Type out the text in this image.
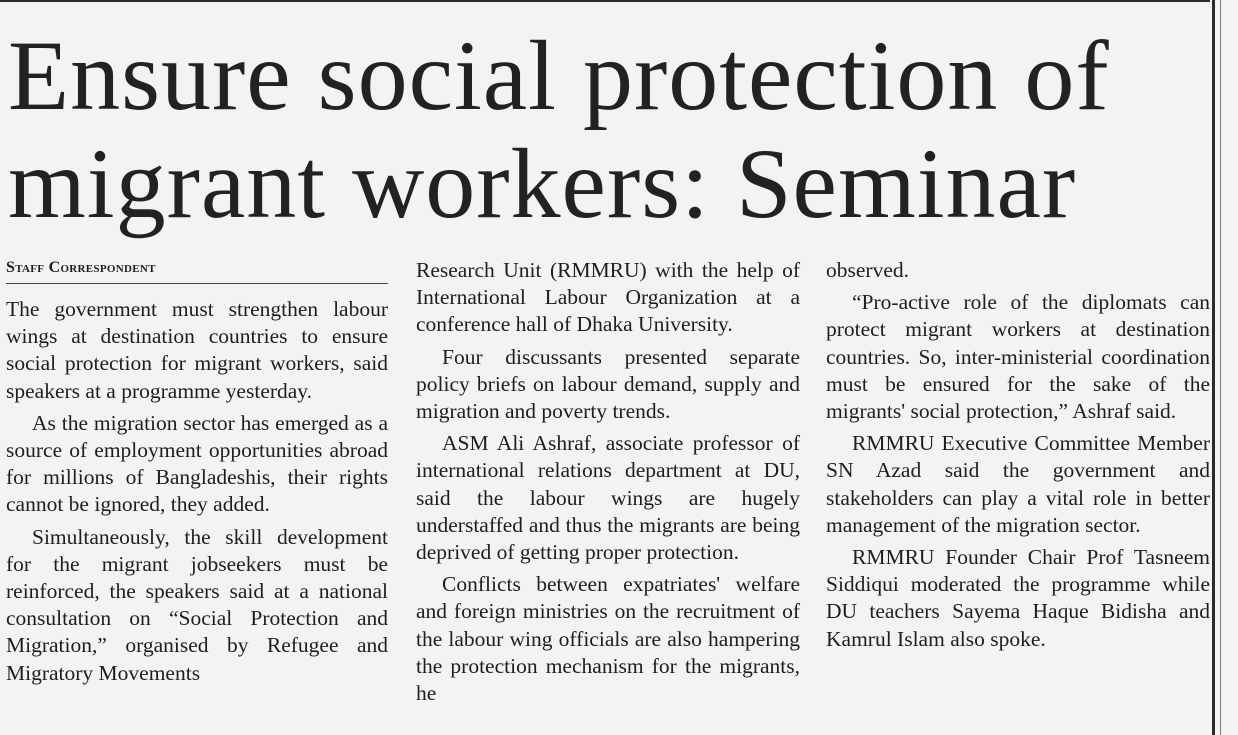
Ensure social protection of
migrant workers: Seminar

Staff Correspondent

The government must strengthen labour wings at destination countries to ensure social protection for migrant workers, said speakers at a programme yesterday.

As the migration sector has emerged as a source of employment opportunities abroad for millions of Bangladeshis, their rights cannot be ignored, they added.

Simultaneously, the skill development for the migrant jobseekers must be reinforced, the speakers said at a national consultation on “Social Protection and Migration,” organised by Refugee and Migratory Movements

Research Unit (RMMRU) with the help of International Labour Organization at a conference hall of Dhaka University.

Four discussants presented separate policy briefs on labour demand, supply and migration and poverty trends.

ASM Ali Ashraf, associate professor of international relations department at DU, said the labour wings are hugely understaffed and thus the migrants are being deprived of getting proper protection.

Conflicts between expatriates' welfare and foreign ministries on the recruitment of the labour wing officials are also hampering the protection mechanism for the migrants, he

observed.

“Pro-active role of the diplomats can protect migrant workers at destination countries. So, inter-ministerial coordination must be ensured for the sake of the migrants' social protection,” Ashraf said.

RMMRU Executive Committee Member SN Azad said the government and stakeholders can play a vital role in better management of the migration sector.

RMMRU Founder Chair Prof Tasneem Siddiqui moderated the programme while DU teachers Sayema Haque Bidisha and Kamrul Islam also spoke.
